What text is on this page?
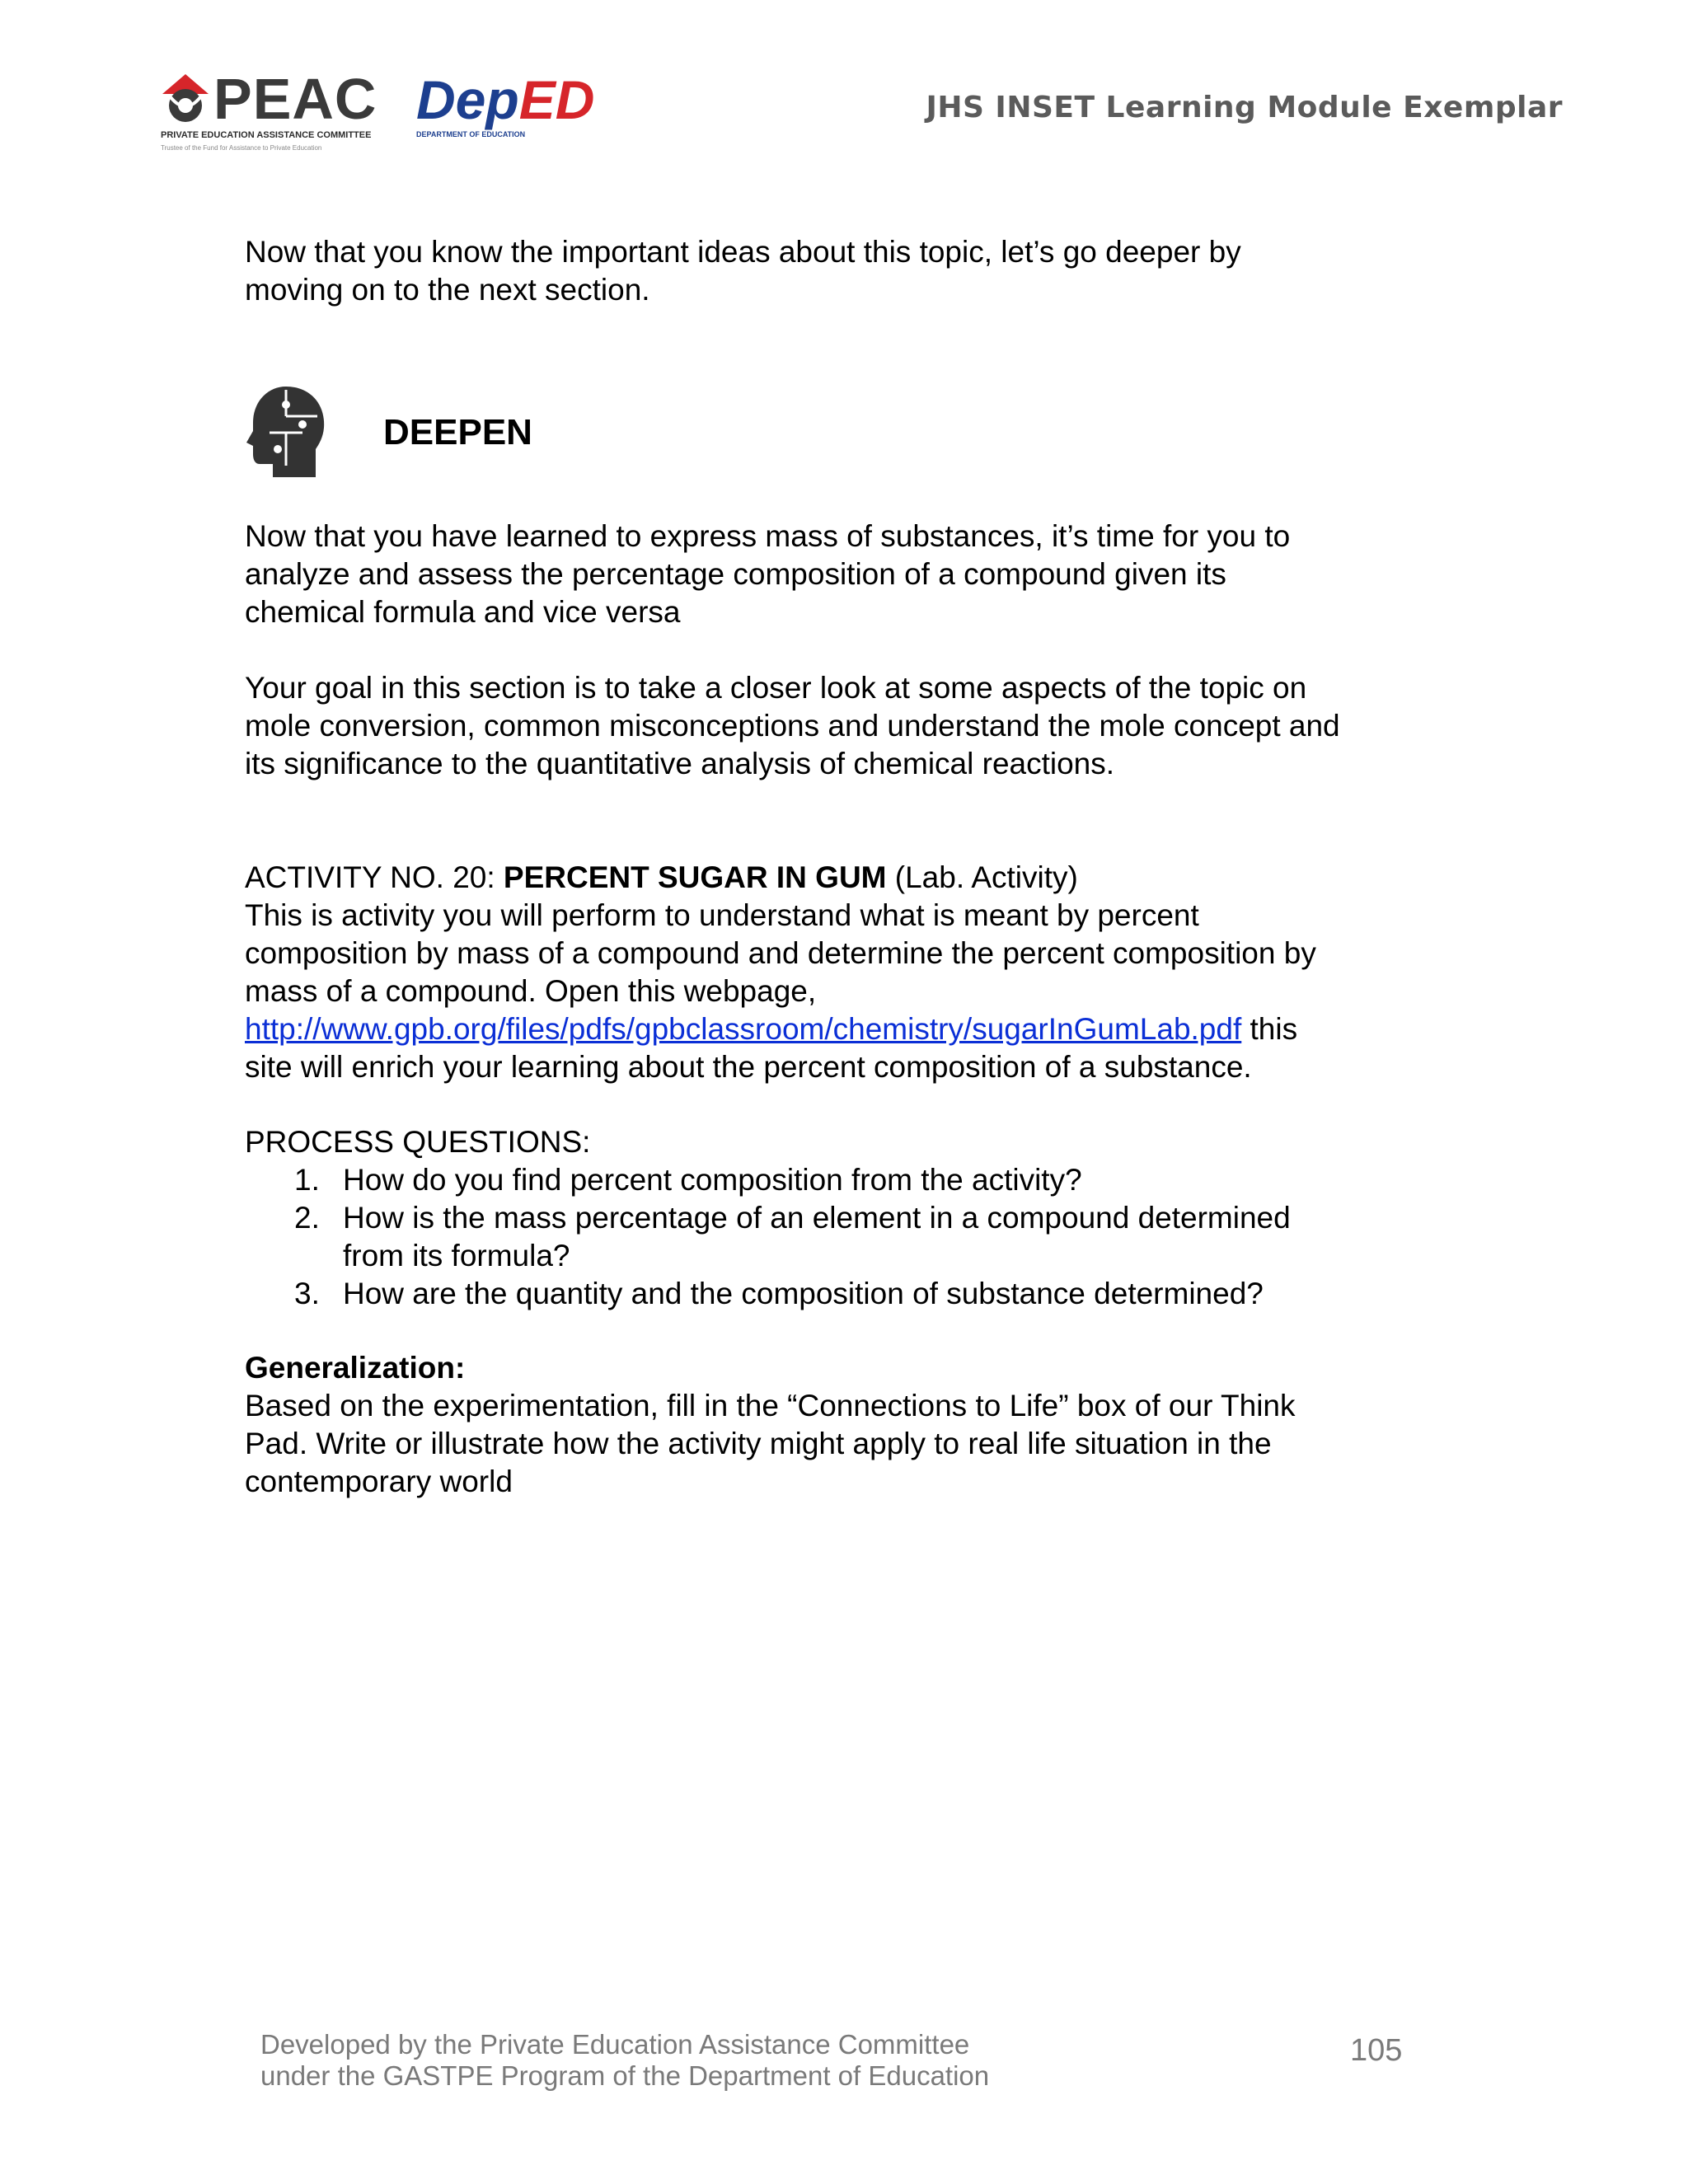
PEAC
PRIVATE EDUCATION ASSISTANCE COMMITTEE
Trustee of the Fund for Assistance to Private Education
DepED
DEPARTMENT OF EDUCATION
JHS INSET Learning Module Exemplar
Now that you know the important ideas about this topic, let’s go deeper by
moving on to the next section.
DEEPEN
Now that you have learned to express mass of substances, it’s time for you to
analyze and assess the percentage composition of a compound given its
chemical formula and vice versa
Your goal in this section is to take a closer look at some aspects of the topic on
mole conversion, common misconceptions and understand the mole concept and
its significance to the quantitative analysis of chemical reactions.
ACTIVITY NO. 20: PERCENT SUGAR IN GUM (Lab. Activity)
This is activity you will perform to understand what is meant by percent
composition by mass of a compound and determine the percent composition by
mass of a compound. Open this webpage,
http://www.gpb.org/files/pdfs/gpbclassroom/chemistry/sugarInGumLab.pdf this
site will enrich your learning about the percent composition of a substance.
PROCESS QUESTIONS:
1. How do you find percent composition from the activity?
2. How is the mass percentage of an element in a compound determined
from its formula?
3. How are the quantity and the composition of substance determined?
Generalization:
Based on the experimentation, fill in the “Connections to Life” box of our Think
Pad. Write or illustrate how the activity might apply to real life situation in the
contemporary world
Developed by the Private Education Assistance Committee
under the GASTPE Program of the Department of Education
105
